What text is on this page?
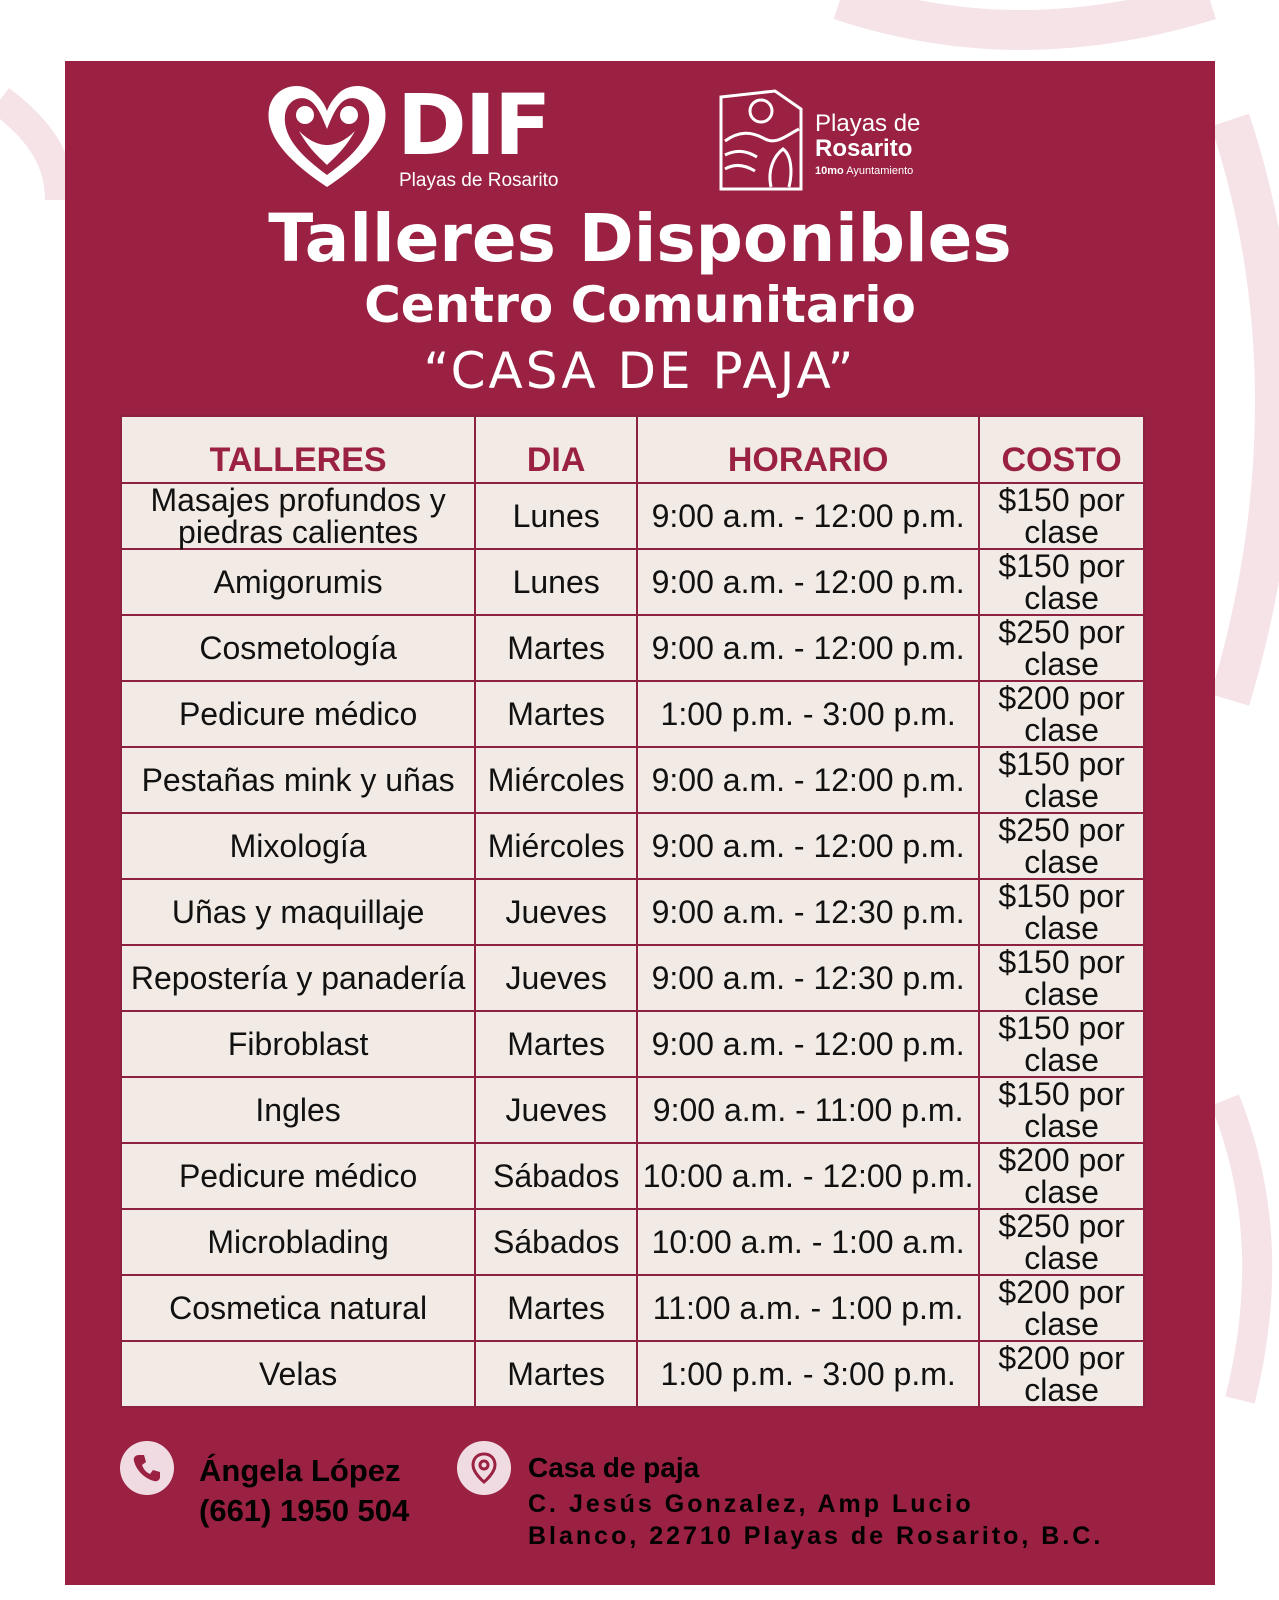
DIF
Playas de Rosarito
Playas de
Rosarito
10mo Ayuntamiento
Talleres Disponibles
Centro Comunitario
“CASA DE PAJA”
TALLERES	DIA	HORARIO	COSTO
Masajes profundos y piedras calientes	Lunes	9:00 a.m. - 12:00 p.m.	$150 por clase
Amigorumis	Lunes	9:00 a.m. - 12:00 p.m.	$150 por clase
Cosmetología	Martes	9:00 a.m. - 12:00 p.m.	$250 por clase
Pedicure médico	Martes	1:00 p.m. - 3:00 p.m.	$200 por clase
Pestañas mink y uñas	Miércoles	9:00 a.m. - 12:00 p.m.	$150 por clase
Mixología	Miércoles	9:00 a.m. - 12:00 p.m.	$250 por clase
Uñas y maquillaje	Jueves	9:00 a.m. - 12:30 p.m.	$150 por clase
Repostería y panadería	Jueves	9:00 a.m. - 12:30 p.m.	$150 por clase
Fibroblast	Martes	9:00 a.m. - 12:00 p.m.	$150 por clase
Ingles	Jueves	9:00 a.m. - 11:00 p.m.	$150 por clase
Pedicure médico	Sábados	10:00 a.m. - 12:00 p.m.	$200 por clase
Microblading	Sábados	10:00 a.m. - 1:00 a.m.	$250 por clase
Cosmetica natural	Martes	11:00 a.m. - 1:00 p.m.	$200 por clase
Velas	Martes	1:00 p.m. - 3:00 p.m.	$200 por clase
Ángela López
(661) 1950 504
Casa de paja
C. Jesús Gonzalez, Amp Lucio
Blanco, 22710 Playas de Rosarito, B.C.
